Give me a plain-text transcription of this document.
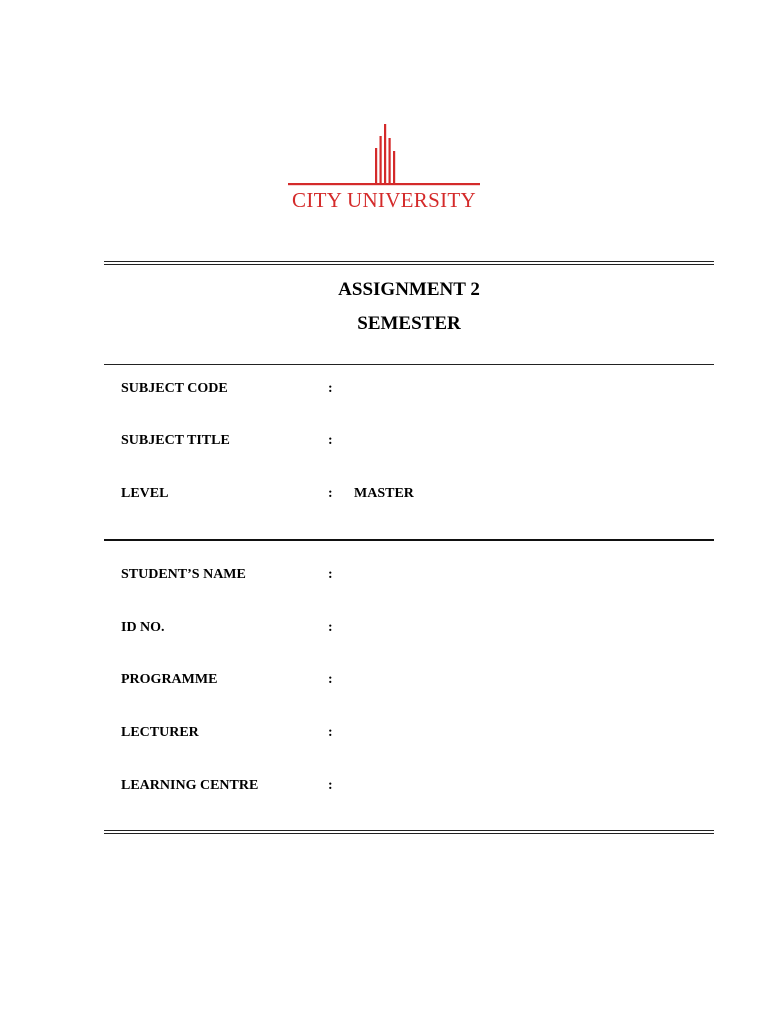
CITY UNIVERSITY
ASSIGNMENT 2
SEMESTER
SUBJECT CODE	:
SUBJECT TITLE	:
LEVEL	: MASTER
STUDENT’S NAME	:
ID NO.	:
PROGRAMME	:
LECTURER	:
LEARNING CENTRE	:
